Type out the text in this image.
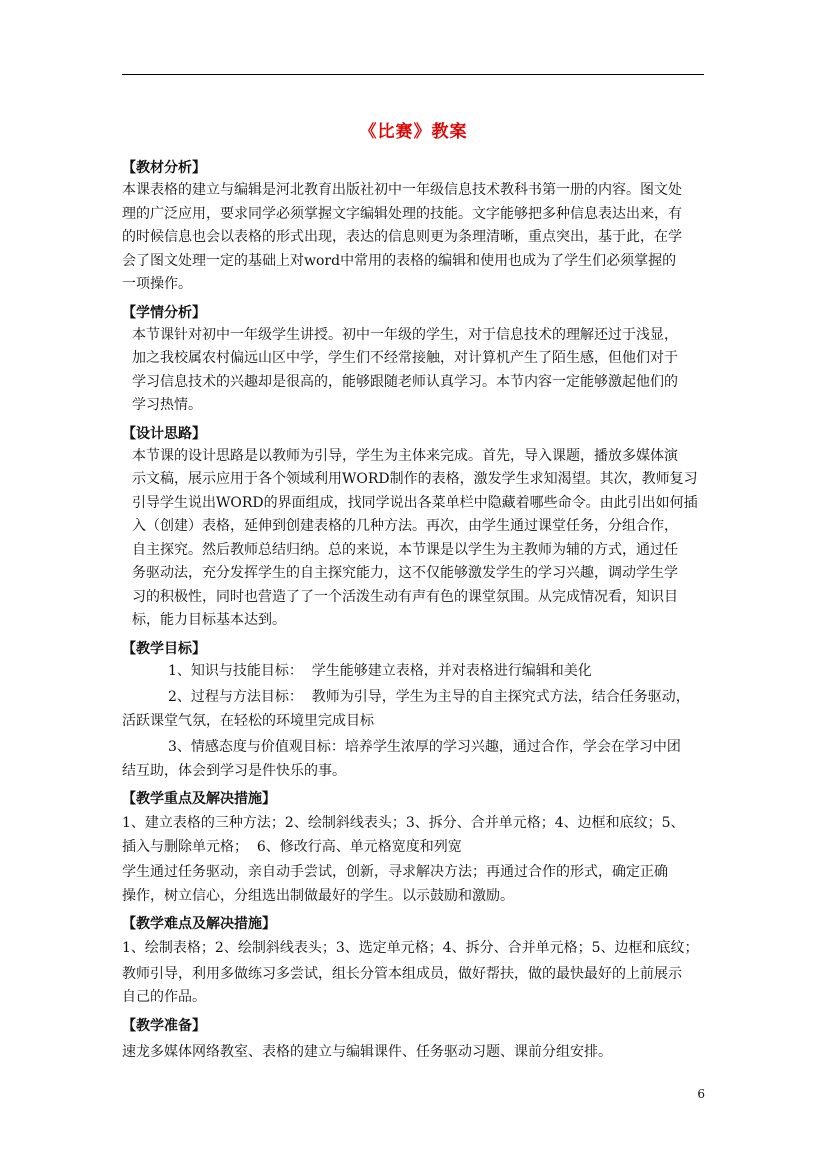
《比赛》教案

【教材分析】

本课表格的建立与编辑是河北教育出版社初中一年级信息技术教科书第一册的内容。图文处

理的广泛应用，要求同学必须掌握文字编辑处理的技能。文字能够把多种信息表达出来，有

的时候信息也会以表格的形式出现，表达的信息则更为条理清晰，重点突出，基于此，在学

会了图文处理一定的基础上对word中常用的表格的编辑和使用也成为了学生们必须掌握的

一项操作。

【学情分析】

本节课针对初中一年级学生讲授。初中一年级的学生，对于信息技术的理解还过于浅显，

加之我校属农村偏远山区中学，学生们不经常接触，对计算机产生了陌生感，但他们对于

学习信息技术的兴趣却是很高的，能够跟随老师认真学习。本节内容一定能够激起他们的

学习热情。

【设计思路】

本节课的设计思路是以教师为引导，学生为主体来完成。首先，导入课题，播放多媒体演

示文稿，展示应用于各个领域利用WORD制作的表格，激发学生求知渴望。其次，教师复习

引导学生说出WORD的界面组成，找同学说出各菜单栏中隐藏着哪些命令。由此引出如何插

入（创建）表格，延伸到创建表格的几种方法。再次，由学生通过课堂任务，分组合作，

自主探究。然后教师总结归纳。总的来说，本节课是以学生为主教师为辅的方式，通过任

务驱动法，充分发挥学生的自主探究能力，这不仅能够激发学生的学习兴趣，调动学生学

习的积极性，同时也营造了了一个活泼生动有声有色的课堂氛围。从完成情况看，知识目

标，能力目标基本达到。

【教学目标】

1、知识与技能目标：  学生能够建立表格，并对表格进行编辑和美化

2、过程与方法目标：  教师为引导，学生为主导的自主探究式方法，结合任务驱动，

活跃课堂气氛，在轻松的环境里完成目标

3、情感态度与价值观目标：培养学生浓厚的学习兴趣，通过合作，学会在学习中团

结互助，体会到学习是件快乐的事。

【教学重点及解决措施】

1、建立表格的三种方法；2、绘制斜线表头；3、拆分、合并单元格；4、边框和底纹；5、

插入与删除单元格；  6、修改行高、单元格宽度和列宽

学生通过任务驱动，亲自动手尝试，创新，寻求解决方法；再通过合作的形式，确定正确

操作，树立信心，分组选出制做最好的学生。以示鼓励和激励。

【教学难点及解决措施】

1、绘制表格；2、绘制斜线表头；3、选定单元格；4、拆分、合并单元格；5、边框和底纹；

教师引导，利用多做练习多尝试，组长分管本组成员，做好帮扶，做的最快最好的上前展示

自己的作品。

【教学准备】

速龙多媒体网络教室、表格的建立与编辑课件、任务驱动习题、课前分组安排。

6
